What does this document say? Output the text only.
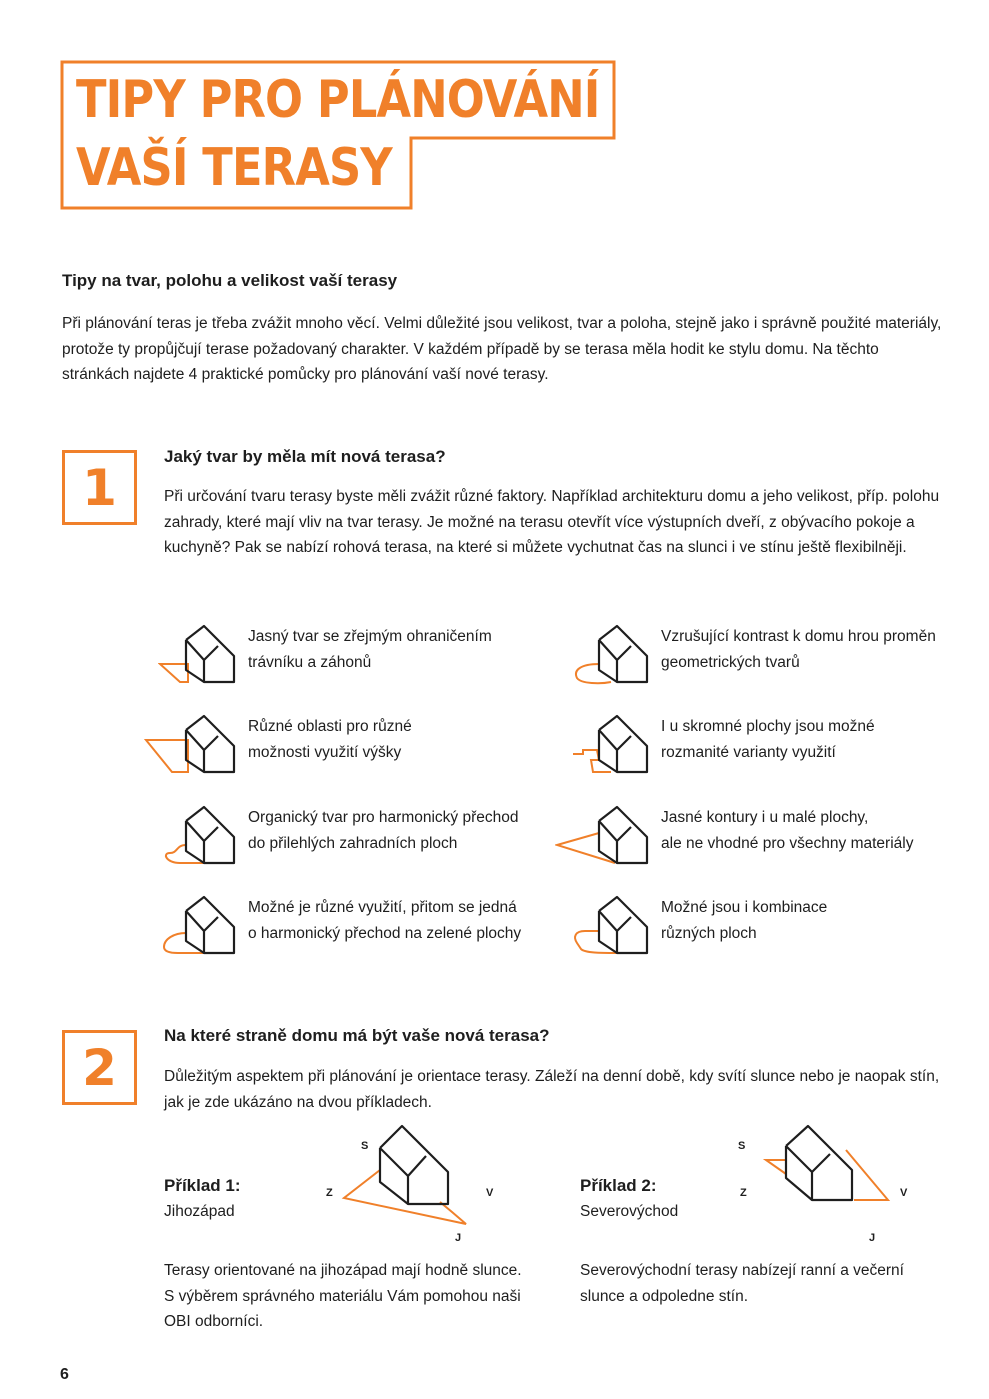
TIPY PRO PLÁNOVÁNÍ
VAŠÍ TERASY
Tipy na tvar, polohu a velikost vaší terasy

Při plánování teras je třeba zvážit mnoho věcí. Velmi důležité jsou velikost, tvar a poloha, stejně jako i správně použité materiály, protože ty propůjčují terase požadovaný charakter. V každém případě by se terasa měla hodit ke stylu domu. Na těchto stránkách najdete 4 praktické pomůcky pro plánování vaší nové terasy.

1
Jaký tvar by měla mít nová terasa?

Při určování tvaru terasy byste měli zvážit různé faktory. Například architekturu domu a jeho velikost, příp. polohu zahrady, které mají vliv na tvar terasy. Je možné na terasu otevřít více výstupních dveří, z obývacího pokoje a kuchyně? Pak se nabízí rohová terasa, na které si můžete vychutnat čas na slunci i ve stínu ještě flexibilněji.

Jasný tvar se zřejmým ohraničením
trávníku a záhonů

Vzrušující kontrast k domu hrou proměn
geometrických tvarů

Různé oblasti pro různé
možnosti využití výšky

I u skromné plochy jsou možné
rozmanité varianty využití

Organický tvar pro harmonický přechod
do přilehlých zahradních ploch

Jasné kontury i u malé plochy,
ale ne vhodné pro všechny materiály

Možné je různé využití, přitom se jedná
o harmonický přechod na zelené plochy

Možné jsou i kombinace
různých ploch

2
Na které straně domu má být vaše nová terasa?

Důležitým aspektem při plánování je orientace terasy. Záleží na denní době, kdy svítí slunce nebo je naopak stín, jak je zde ukázáno na dvou příkladech.

Příklad 1:

Jihozápad

S
Z	V
J

Terasy orientované na jihozápad mají hodně slunce. S výběrem správného materiálu Vám pomohou naši OBI odborníci.

Příklad 2:

Severovýchod

S
Z	V
J

Severovýchodní terasy nabízejí ranní a večerní slunce a odpoledne stín.

6
